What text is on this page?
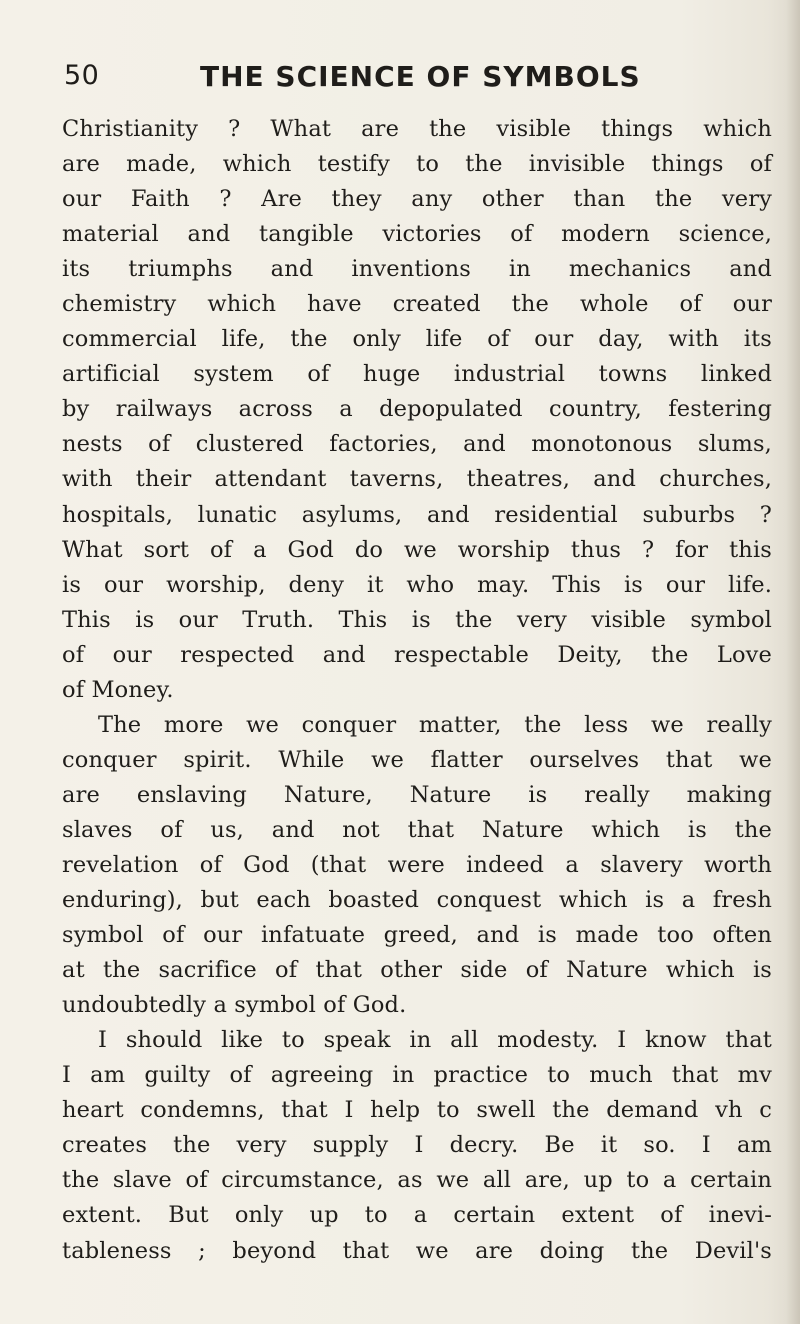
50	THE SCIENCE OF SYMBOLS
Christianity ? What are the visible things which
are made, which testify to the invisible things of
our Faith ? Are they any other than the very
material and tangible victories of modern science,
its triumphs and inventions in mechanics and
chemistry which have created the whole of our
commercial life, the only life of our day, with its
artificial system of huge industrial towns linked
by railways across a depopulated country, festering
nests of clustered factories, and monotonous slums,
with their attendant taverns, theatres, and churches,
hospitals, lunatic asylums, and residential suburbs ?
What sort of a God do we worship thus ? for this
is our worship, deny it who may. This is our life.
This is our Truth. This is the very visible symbol
of our respected and respectable Deity, the Love
of Money.
The more we conquer matter, the less we really
conquer spirit. While we flatter ourselves that we
are enslaving Nature, Nature is really making
slaves of us, and not that Nature which is the
revelation of God (that were indeed a slavery worth
enduring), but each boasted conquest which is a fresh
symbol of our infatuate greed, and is made too often
at the sacrifice of that other side of Nature which is
undoubtedly a symbol of God.
I should like to speak in all modesty. I know that
I am guilty of agreeing in practice to much that mv
heart condemns, that I help to swell the demand vh c
creates the very supply I decry. Be it so. I am
the slave of circumstance, as we all are, up to a certain
extent. But only up to a certain extent of inevi-
tableness ; beyond that we are doing the Devil's
